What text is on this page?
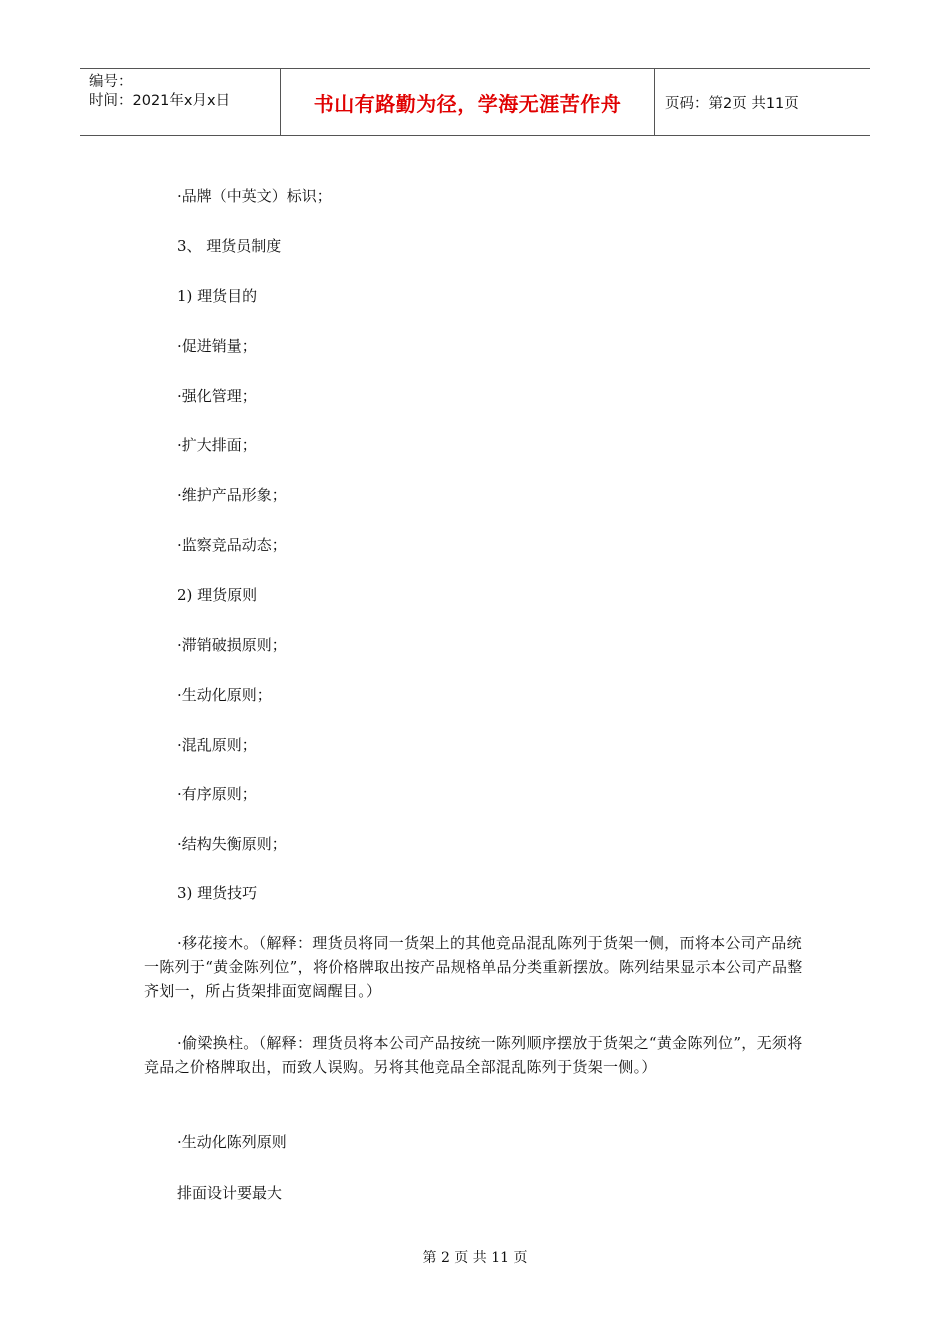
编号：
时间：2021年x月x日	书山有路勤为径，学海无涯苦作舟	页码：第2页 共11页
·品牌（中英文）标识；
3、 理货员制度
1) 理货目的
·促进销量；
·强化管理；
·扩大排面；
·维护产品形象；
·监察竞品动态；
2) 理货原则
·滞销破损原则；
·生动化原则；
·混乱原则；
·有序原则；
·结构失衡原则；
3) 理货技巧
·移花接木。（解释：理货员将同一货架上的其他竞品混乱陈列于货架一侧，而将本公司产品统一陈列于“黄金陈列位”，将价格牌取出按产品规格单品分类重新摆放。陈列结果显示本公司产品整齐划一，所占货架排面宽阔醒目。）
·偷梁换柱。（解释：理货员将本公司产品按统一陈列顺序摆放于货架之“黄金陈列位”，无须将竞品之价格牌取出，而致人误购。另将其他竞品全部混乱陈列于货架一侧。）
·生动化陈列原则
排面设计要最大
第 2 页 共 11 页
